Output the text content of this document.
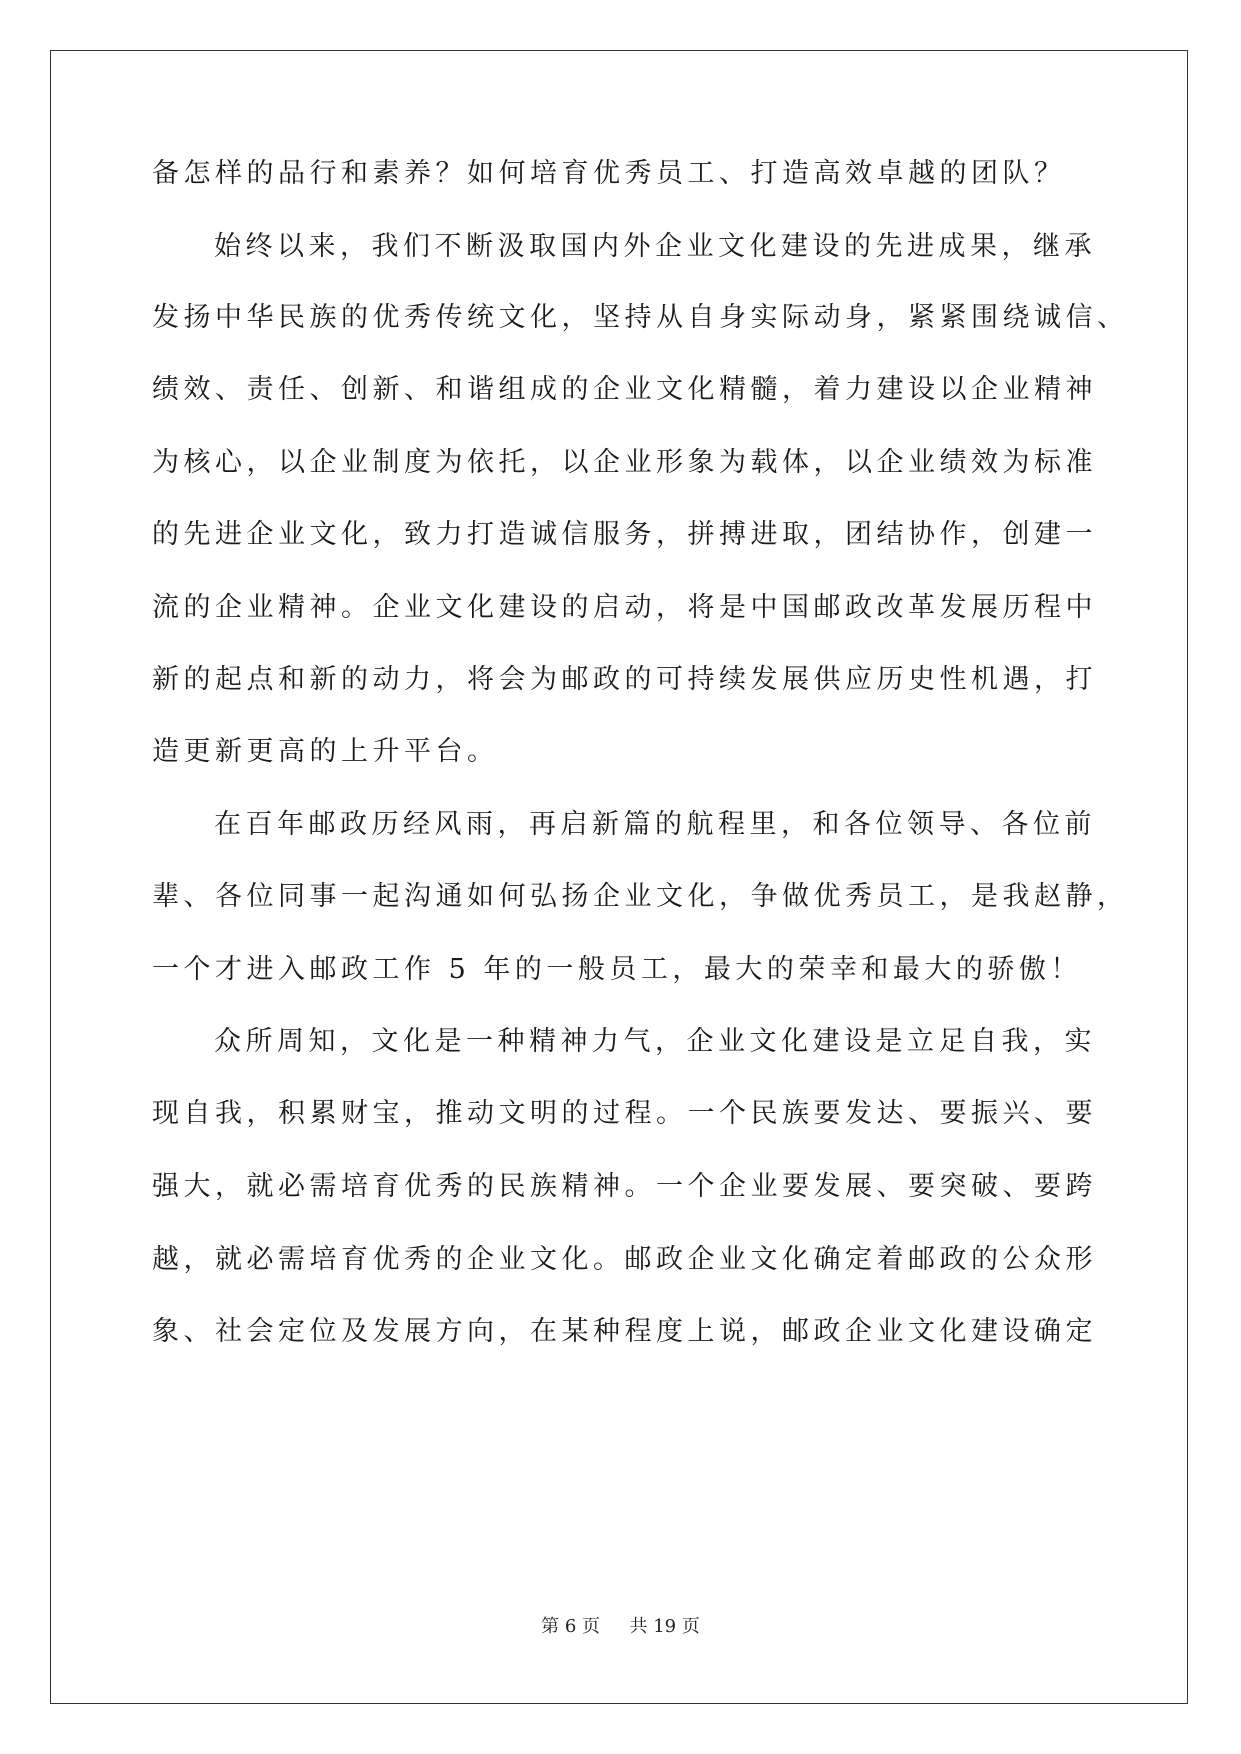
备怎样的品行和素养？如何培育优秀员工、打造高效卓越的团队？
始终以来，我们不断汲取国内外企业文化建设的先进成果，继承
发扬中华民族的优秀传统文化，坚持从自身实际动身，紧紧围绕诚信、
绩效、责任、创新、和谐组成的企业文化精髓，着力建设以企业精神
为核心，以企业制度为依托，以企业形象为载体，以企业绩效为标准
的先进企业文化，致力打造诚信服务，拼搏进取，团结协作，创建一
流的企业精神。企业文化建设的启动，将是中国邮政改革发展历程中
新的起点和新的动力，将会为邮政的可持续发展供应历史性机遇，打
造更新更高的上升平台。
在百年邮政历经风雨，再启新篇的航程里，和各位领导、各位前
辈、各位同事一起沟通如何弘扬企业文化，争做优秀员工，是我赵静，
一个才进入邮政工作 5 年的一般员工，最大的荣幸和最大的骄傲！
众所周知，文化是一种精神力气，企业文化建设是立足自我，实
现自我，积累财宝，推动文明的过程。一个民族要发达、要振兴、要
强大，就必需培育优秀的民族精神。一个企业要发展、要突破、要跨
越，就必需培育优秀的企业文化。邮政企业文化确定着邮政的公众形
象、社会定位及发展方向，在某种程度上说，邮政企业文化建设确定
第 6 页 共 19 页
